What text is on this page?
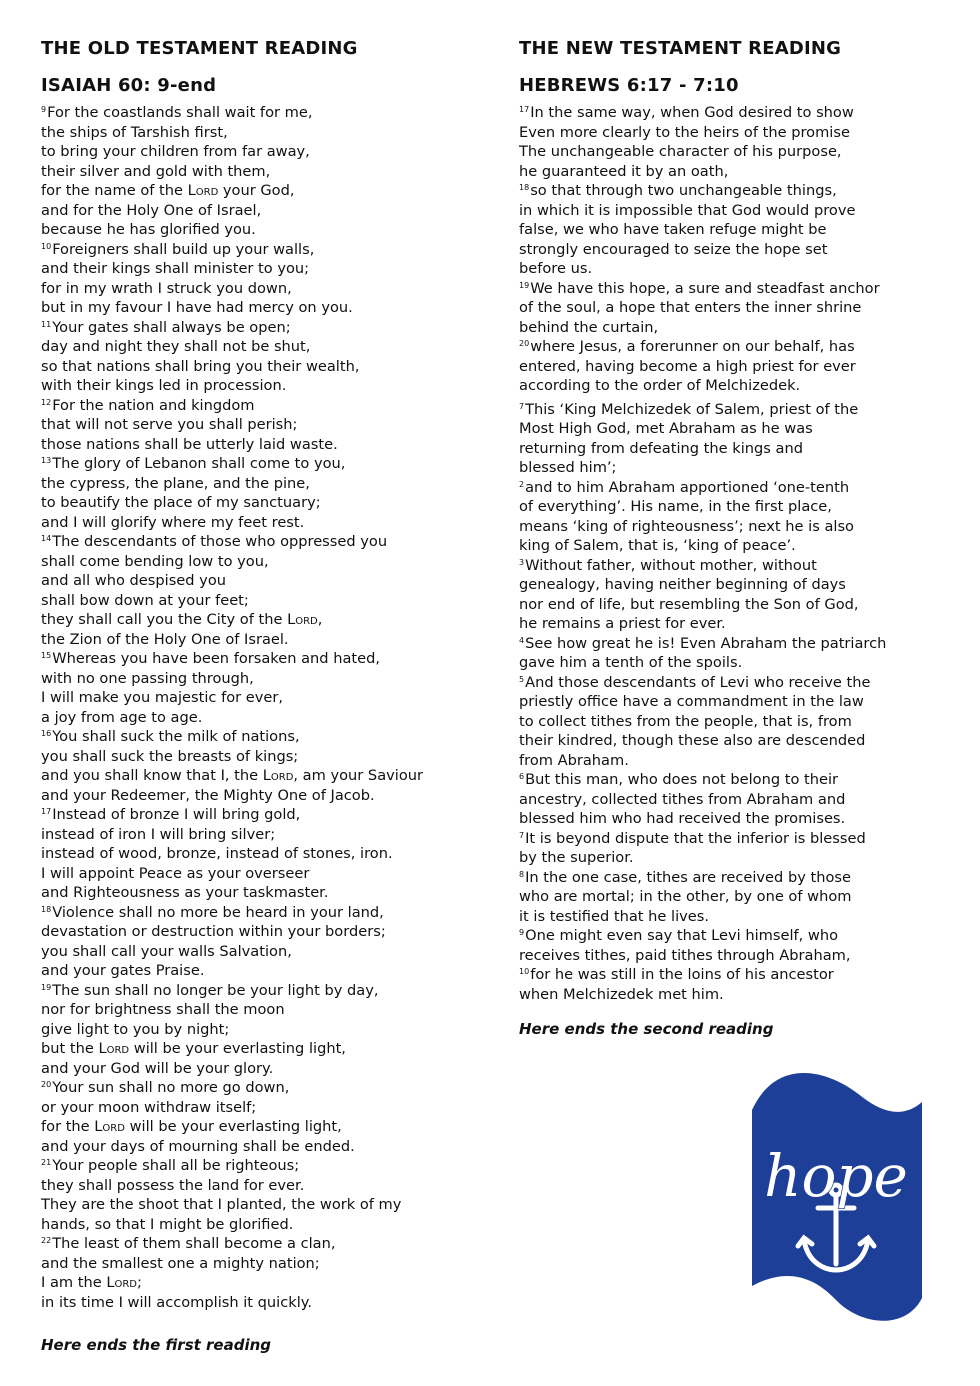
THE OLD TESTAMENT READING
ISAIAH 60: 9-end
$^9$For the coastlands shall wait for me,
the ships of Tarshish first,
to bring your children from far away,
their silver and gold with them,
for the name of the Lord your God,
and for the Holy One of Israel,
because he has glorified you.
$^{10}$Foreigners shall build up your walls,
and their kings shall minister to you;
for in my wrath I struck you down,
but in my favour I have had mercy on you.
$^{11}$Your gates shall always be open;
day and night they shall not be shut,
so that nations shall bring you their wealth,
with their kings led in procession.
$^{12}$For the nation and kingdom
that will not serve you shall perish;
those nations shall be utterly laid waste.
$^{13}$The glory of Lebanon shall come to you,
the cypress, the plane, and the pine,
to beautify the place of my sanctuary;
and I will glorify where my feet rest.
$^{14}$The descendants of those who oppressed you
shall come bending low to you,
and all who despised you
shall bow down at your feet;
they shall call you the City of the Lord,
the Zion of the Holy One of Israel.
$^{15}$Whereas you have been forsaken and hated,
with no one passing through,
I will make you majestic for ever,
a joy from age to age.
$^{16}$You shall suck the milk of nations,
you shall suck the breasts of kings;
and you shall know that I, the Lord, am your Saviour
and your Redeemer, the Mighty One of Jacob.
$^{17}$Instead of bronze I will bring gold,
instead of iron I will bring silver;
instead of wood, bronze, instead of stones, iron.
I will appoint Peace as your overseer
and Righteousness as your taskmaster.
$^{18}$Violence shall no more be heard in your land,
devastation or destruction within your borders;
you shall call your walls Salvation,
and your gates Praise.
$^{19}$The sun shall no longer be your light by day,
nor for brightness shall the moon
give light to you by night;
but the Lord will be your everlasting light,
and your God will be your glory.
$^{20}$Your sun shall no more go down,
or your moon withdraw itself;
for the Lord will be your everlasting light,
and your days of mourning shall be ended.
$^{21}$Your people shall all be righteous;
they shall possess the land for ever.
They are the shoot that I planted, the work of my
hands, so that I might be glorified.
$^{22}$The least of them shall become a clan,
and the smallest one a mighty nation;
I am the Lord;
in its time I will accomplish it quickly.
Here ends the first reading
THE NEW TESTAMENT READING
HEBREWS 6:17 - 7:10
$^{17}$In the same way, when God desired to show
Even more clearly to the heirs of the promise
The unchangeable character of his purpose,
he guaranteed it by an oath,
$^{18}$so that through two unchangeable things,
in which it is impossible that God would prove
false, we who have taken refuge might be
strongly encouraged to seize the hope set
before us.
$^{19}$We have this hope, a sure and steadfast anchor
of the soul, a hope that enters the inner shrine
behind the curtain,
$^{20}$where Jesus, a forerunner on our behalf, has
entered, having become a high priest for ever
according to the order of Melchizedek.
$^7$This ‘King Melchizedek of Salem, priest of the
Most High God, met Abraham as he was
returning from defeating the kings and
blessed him’;
$^2$and to him Abraham apportioned ‘one-tenth
of everything’. His name, in the first place,
means ‘king of righteousness’; next he is also
king of Salem, that is, ‘king of peace’.
$^3$Without father, without mother, without
genealogy, having neither beginning of days
nor end of life, but resembling the Son of God,
he remains a priest for ever.
$^4$See how great he is! Even Abraham the patriarch
gave him a tenth of the spoils.
$^5$And those descendants of Levi who receive the
priestly office have a commandment in the law
to collect tithes from the people, that is, from
their kindred, though these also are descended
from Abraham.
$^6$But this man, who does not belong to their
ancestry, collected tithes from Abraham and
blessed him who had received the promises.
$^7$It is beyond dispute that the inferior is blessed
by the superior.
$^8$In the one case, tithes are received by those
who are mortal; in the other, by one of whom
it is testified that he lives.
$^9$One might even say that Levi himself, who
receives tithes, paid tithes through Abraham,
$^{10}$for he was still in the loins of his ancestor
when Melchizedek met him.
Here ends the second reading
hope
